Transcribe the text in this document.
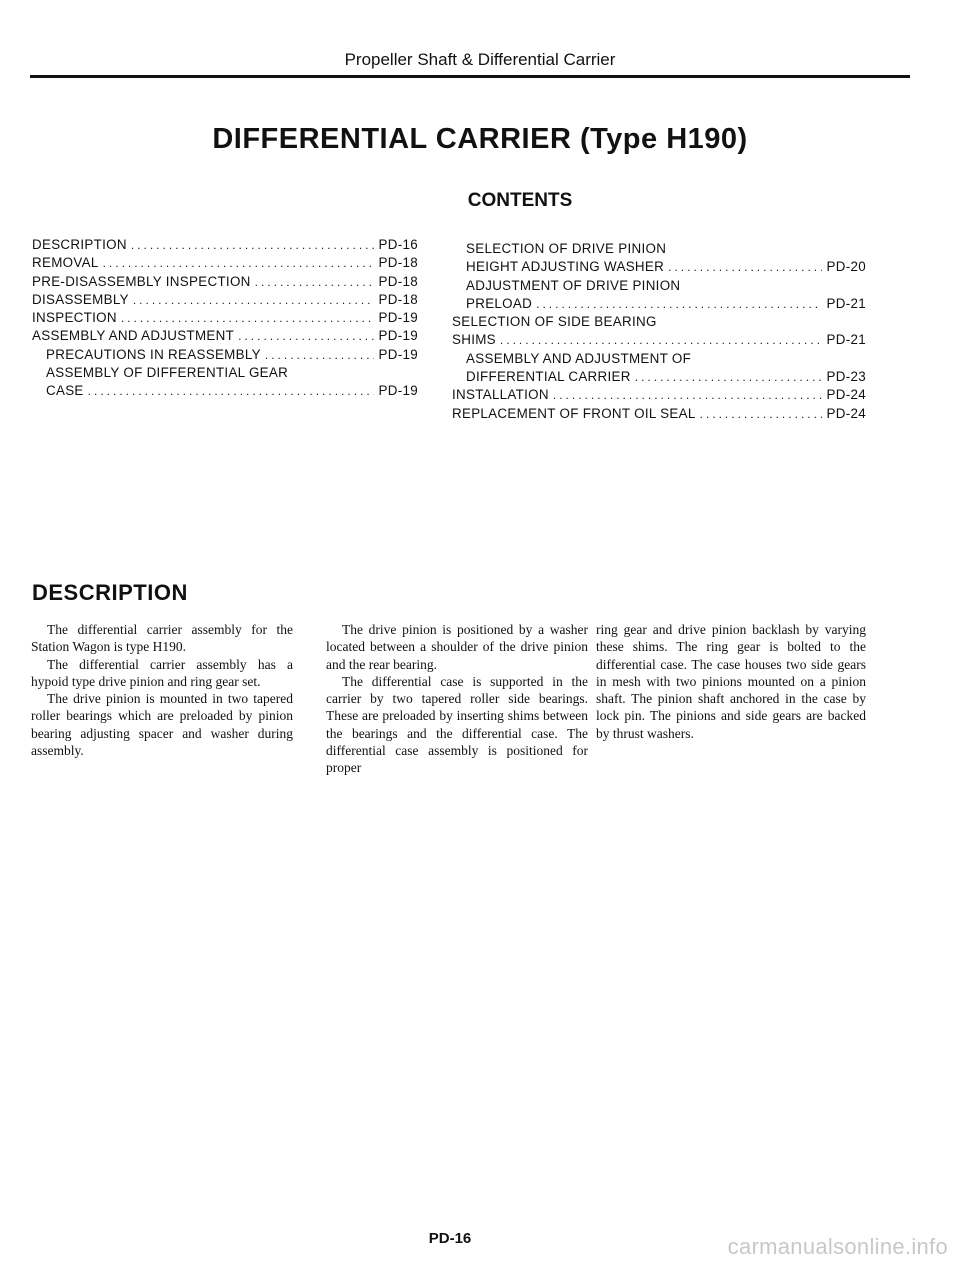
Propeller Shaft & Differential Carrier
DIFFERENTIAL CARRIER (Type H190)
CONTENTS
DESCRIPTION .....	PD-16
REMOVAL .....	PD-18
PRE-DISASSEMBLY INSPECTION .....	PD-18
DISASSEMBLY .....	PD-18
INSPECTION .....	PD-19
ASSEMBLY AND ADJUSTMENT .....	PD-19
PRECAUTIONS IN REASSEMBLY .....	PD-19
ASSEMBLY OF DIFFERENTIAL GEAR
CASE .....	PD-19
SELECTION OF DRIVE PINION
HEIGHT ADJUSTING WASHER .....	PD-20
ADJUSTMENT OF DRIVE PINION
PRELOAD .....	PD-21
SELECTION OF SIDE BEARING
SHIMS .....	PD-21
ASSEMBLY AND ADJUSTMENT OF
DIFFERENTIAL CARRIER .....	PD-23
INSTALLATION .....	PD-24
REPLACEMENT OF FRONT OIL SEAL .....	PD-24
DESCRIPTION

The differential carrier assembly for the Station Wagon is type H190.

The differential carrier assembly has a hypoid type drive pinion and ring gear set.

The drive pinion is mounted in two tapered roller bearings which are preloaded by pinion bearing adjusting spacer and washer during assembly.

The drive pinion is positioned by a washer located between a shoulder of the drive pinion and the rear bearing.

The differential case is supported in the carrier by two tapered roller side bearings. These are preloaded by inserting shims between the bearings and the differential case. The differential case assembly is positioned for proper

ring gear and drive pinion backlash by varying these shims. The ring gear is bolted to the differential case. The case houses two side gears in mesh with two pinions mounted on a pinion shaft. The pinion shaft anchored in the case by lock pin. The pinions and side gears are backed by thrust washers.

PD-16	carmanualsonline.info
